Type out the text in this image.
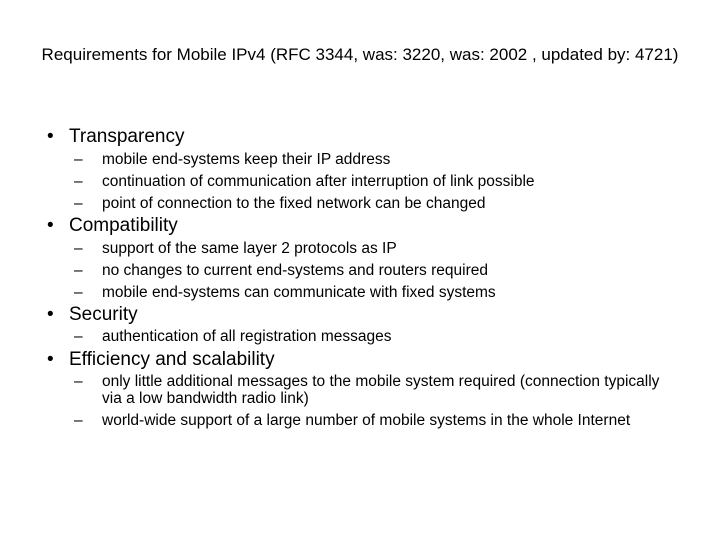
Requirements for Mobile IPv4 (RFC 3344, was: 3220, was: 2002 , updated by: 4721)
• Transparency
– mobile end-systems keep their IP address
– continuation of communication after interruption of link possible
– point of connection to the fixed network can be changed
• Compatibility
– support of the same layer 2 protocols as IP
– no changes to current end-systems and routers required
– mobile end-systems can communicate with fixed systems
• Security
– authentication of all registration messages
• Efficiency and scalability
– only little additional messages to the mobile system required (connection typically via a low bandwidth radio link)
– world-wide support of a large number of mobile systems in the whole Internet
